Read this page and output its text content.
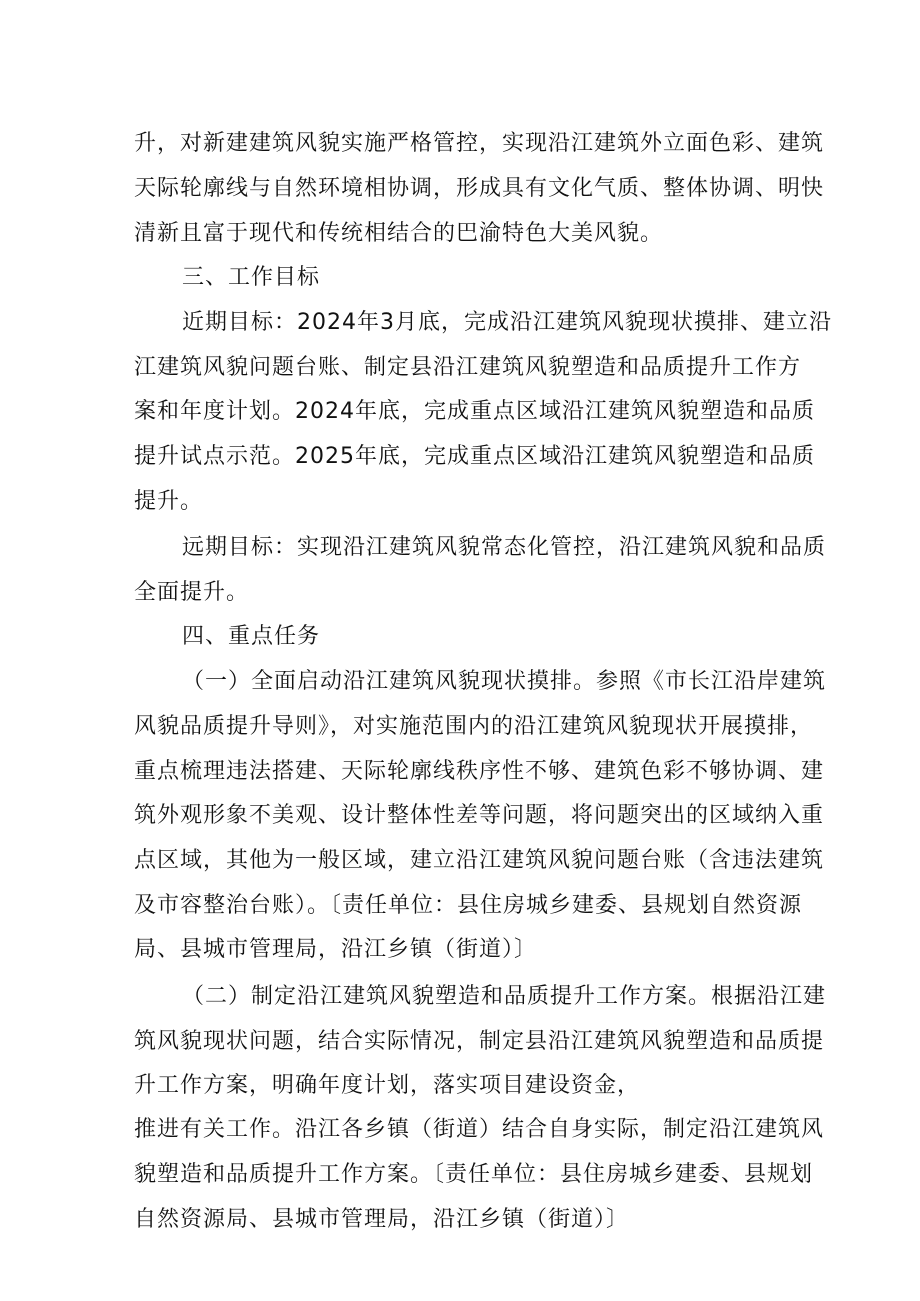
升，对新建建筑风貌实施严格管控，实现沿江建筑外立面色彩、建筑
天际轮廓线与自然环境相协调，形成具有文化气质、整体协调、明快
清新且富于现代和传统相结合的巴渝特色大美风貌。
三、工作目标
近期目标：2024年3月底，完成沿江建筑风貌现状摸排、建立沿
江建筑风貌问题台账、制定县沿江建筑风貌塑造和品质提升工作方
案和年度计划。2024年底，完成重点区域沿江建筑风貌塑造和品质
提升试点示范。2025年底，完成重点区域沿江建筑风貌塑造和品质
提升。
远期目标：实现沿江建筑风貌常态化管控，沿江建筑风貌和品质
全面提升。
四、重点任务
（一）全面启动沿江建筑风貌现状摸排。参照《市长江沿岸建筑
风貌品质提升导则》，对实施范围内的沿江建筑风貌现状开展摸排，
重点梳理违法搭建、天际轮廓线秩序性不够、建筑色彩不够协调、建
筑外观形象不美观、设计整体性差等问题，将问题突出的区域纳入重
点区域，其他为一般区域，建立沿江建筑风貌问题台账（含违法建筑
及市容整治台账）。〔责任单位：县住房城乡建委、县规划自然资源
局、县城市管理局，沿江乡镇（街道）〕
（二）制定沿江建筑风貌塑造和品质提升工作方案。根据沿江建
筑风貌现状问题，结合实际情况，制定县沿江建筑风貌塑造和品质提
升工作方案，明确年度计划，落实项目建设资金，
推进有关工作。沿江各乡镇（街道）结合自身实际，制定沿江建筑风
貌塑造和品质提升工作方案。〔责任单位：县住房城乡建委、县规划
自然资源局、县城市管理局，沿江乡镇（街道）〕
